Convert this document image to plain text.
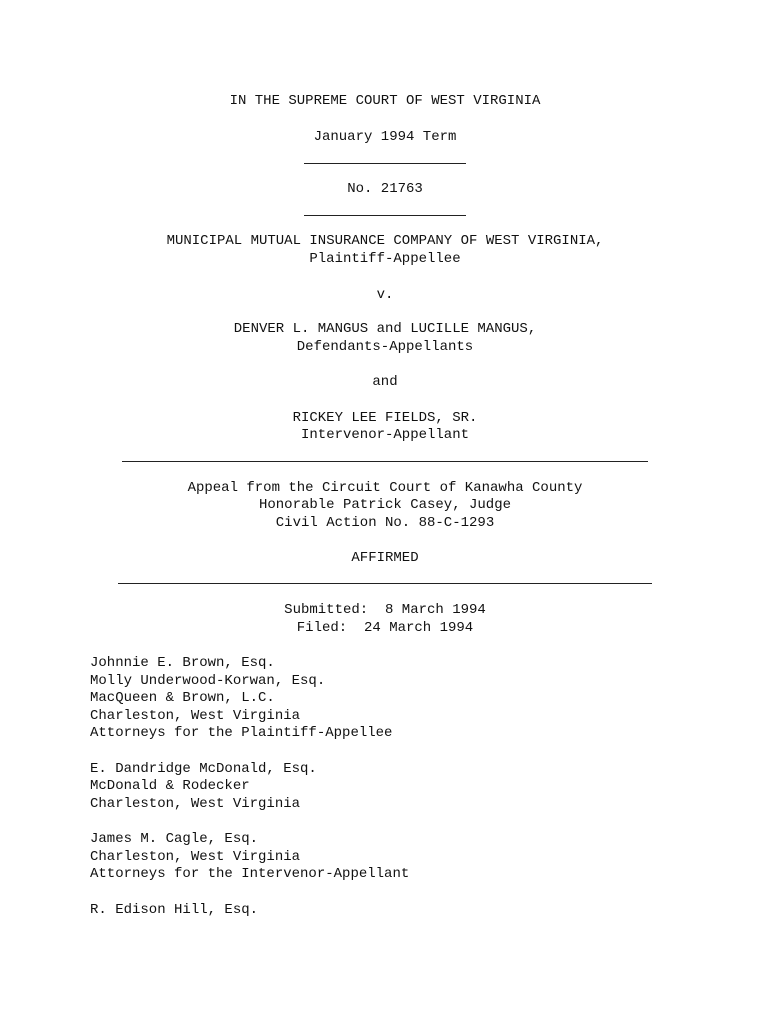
IN THE SUPREME COURT OF WEST VIRGINIA
January 1994 Term
No. 21763
MUNICIPAL MUTUAL INSURANCE COMPANY OF WEST VIRGINIA,
Plaintiff-Appellee
v.
DENVER L. MANGUS and LUCILLE MANGUS,
Defendants-Appellants
and
RICKEY LEE FIELDS, SR.
Intervenor-Appellant
Appeal from the Circuit Court of Kanawha County
Honorable Patrick Casey, Judge
Civil Action No. 88-C-1293
AFFIRMED
Submitted:  8 March 1994
Filed:  24 March 1994
Johnnie E. Brown, Esq.
Molly Underwood-Korwan, Esq.
MacQueen & Brown, L.C.
Charleston, West Virginia
Attorneys for the Plaintiff-Appellee
E. Dandridge McDonald, Esq.
McDonald & Rodecker
Charleston, West Virginia
James M. Cagle, Esq.
Charleston, West Virginia
Attorneys for the Intervenor-Appellant
R. Edison Hill, Esq.
